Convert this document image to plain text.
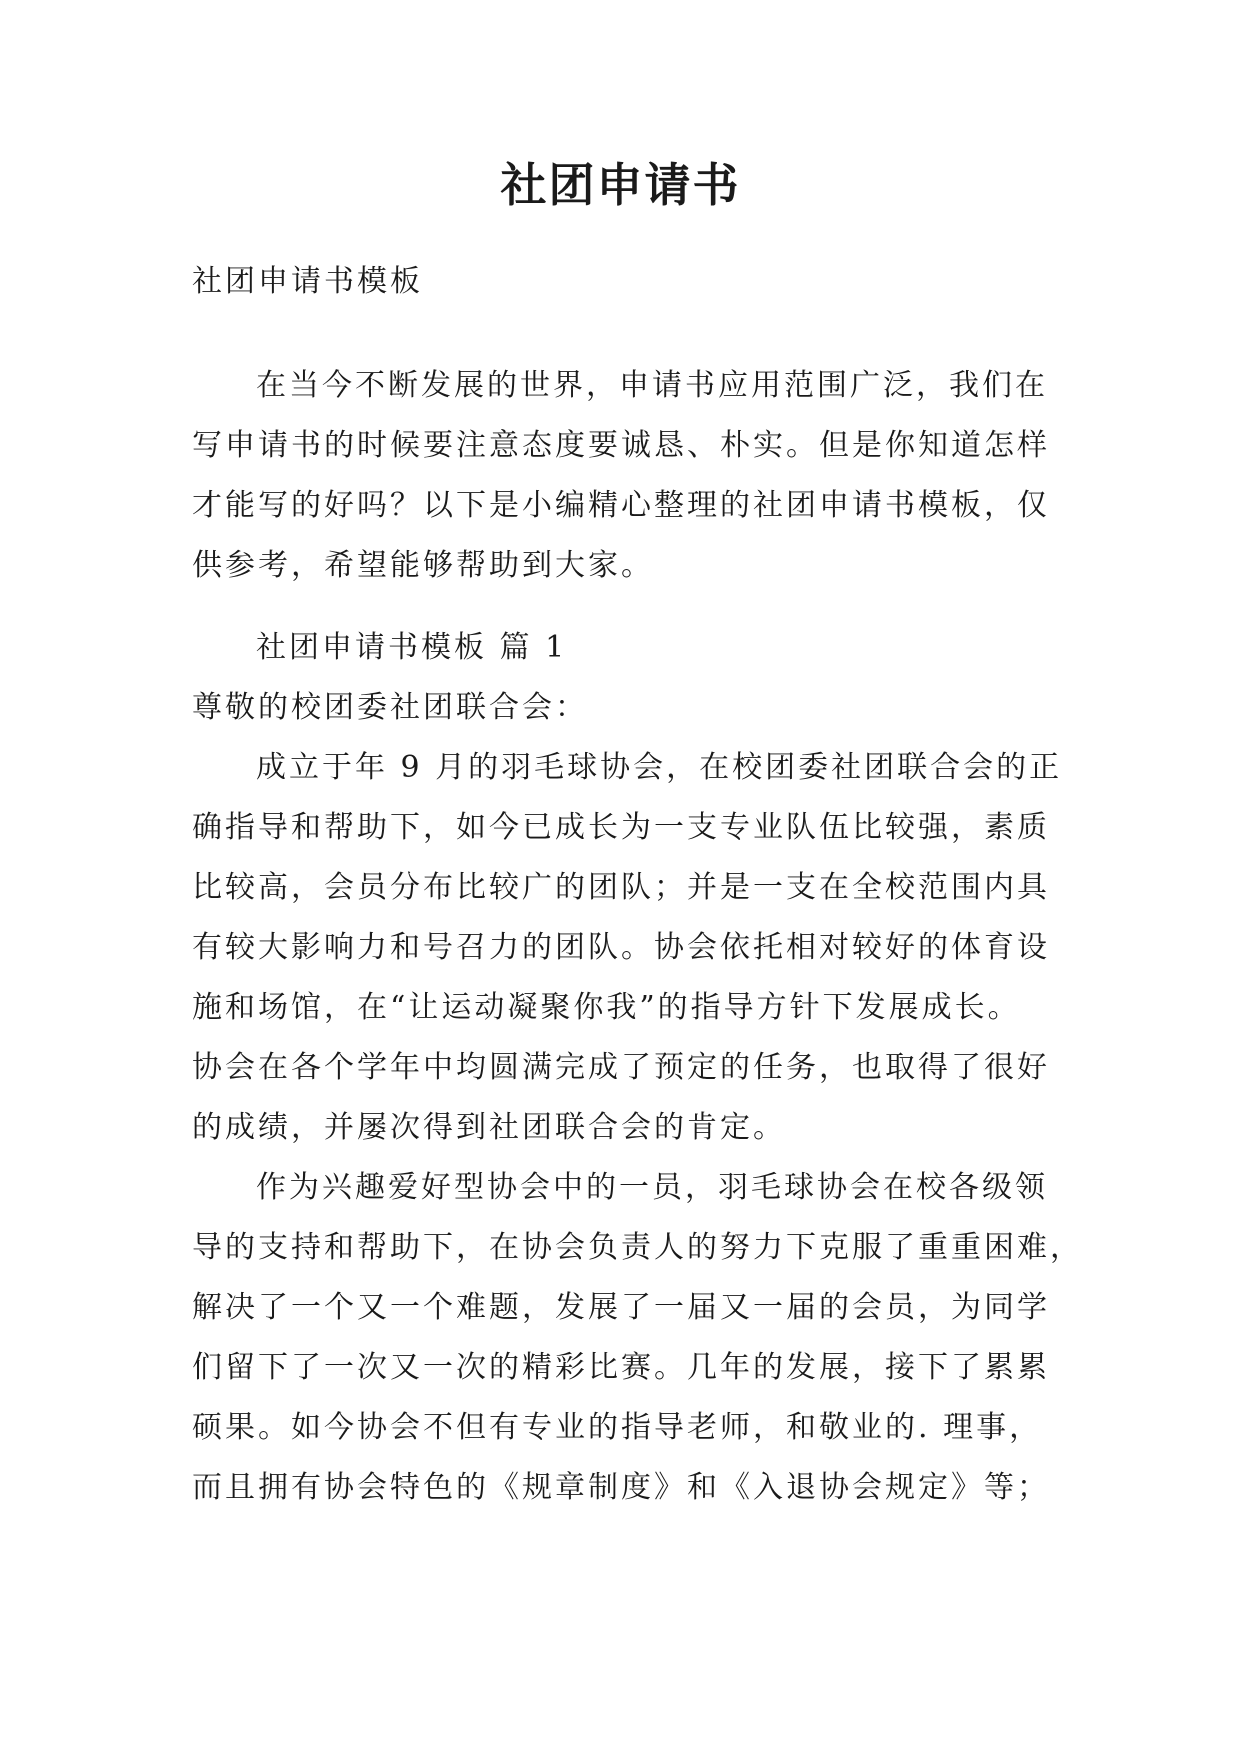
社团申请书
社团申请书模板
在当今不断发展的世界，申请书应用范围广泛，我们在
写申请书的时候要注意态度要诚恳、朴实。但是你知道怎样
才能写的好吗？以下是小编精心整理的社团申请书模板，仅
供参考，希望能够帮助到大家。
社团申请书模板 篇 1
尊敬的校团委社团联合会：
成立于年 9 月的羽毛球协会，在校团委社团联合会的正
确指导和帮助下，如今已成长为一支专业队伍比较强，素质
比较高，会员分布比较广的团队；并是一支在全校范围内具
有较大影响力和号召力的团队。协会依托相对较好的体育设
施和场馆，在“让运动凝聚你我”的指导方针下发展成长。
协会在各个学年中均圆满完成了预定的任务，也取得了很好
的成绩，并屡次得到社团联合会的肯定。
作为兴趣爱好型协会中的一员，羽毛球协会在校各级领
导的支持和帮助下，在协会负责人的努力下克服了重重困难，
解决了一个又一个难题，发展了一届又一届的会员，为同学
们留下了一次又一次的精彩比赛。几年的发展，接下了累累
硕果。如今协会不但有专业的指导老师，和敬业的. 理事，
而且拥有协会特色的《规章制度》和《入退协会规定》等；
